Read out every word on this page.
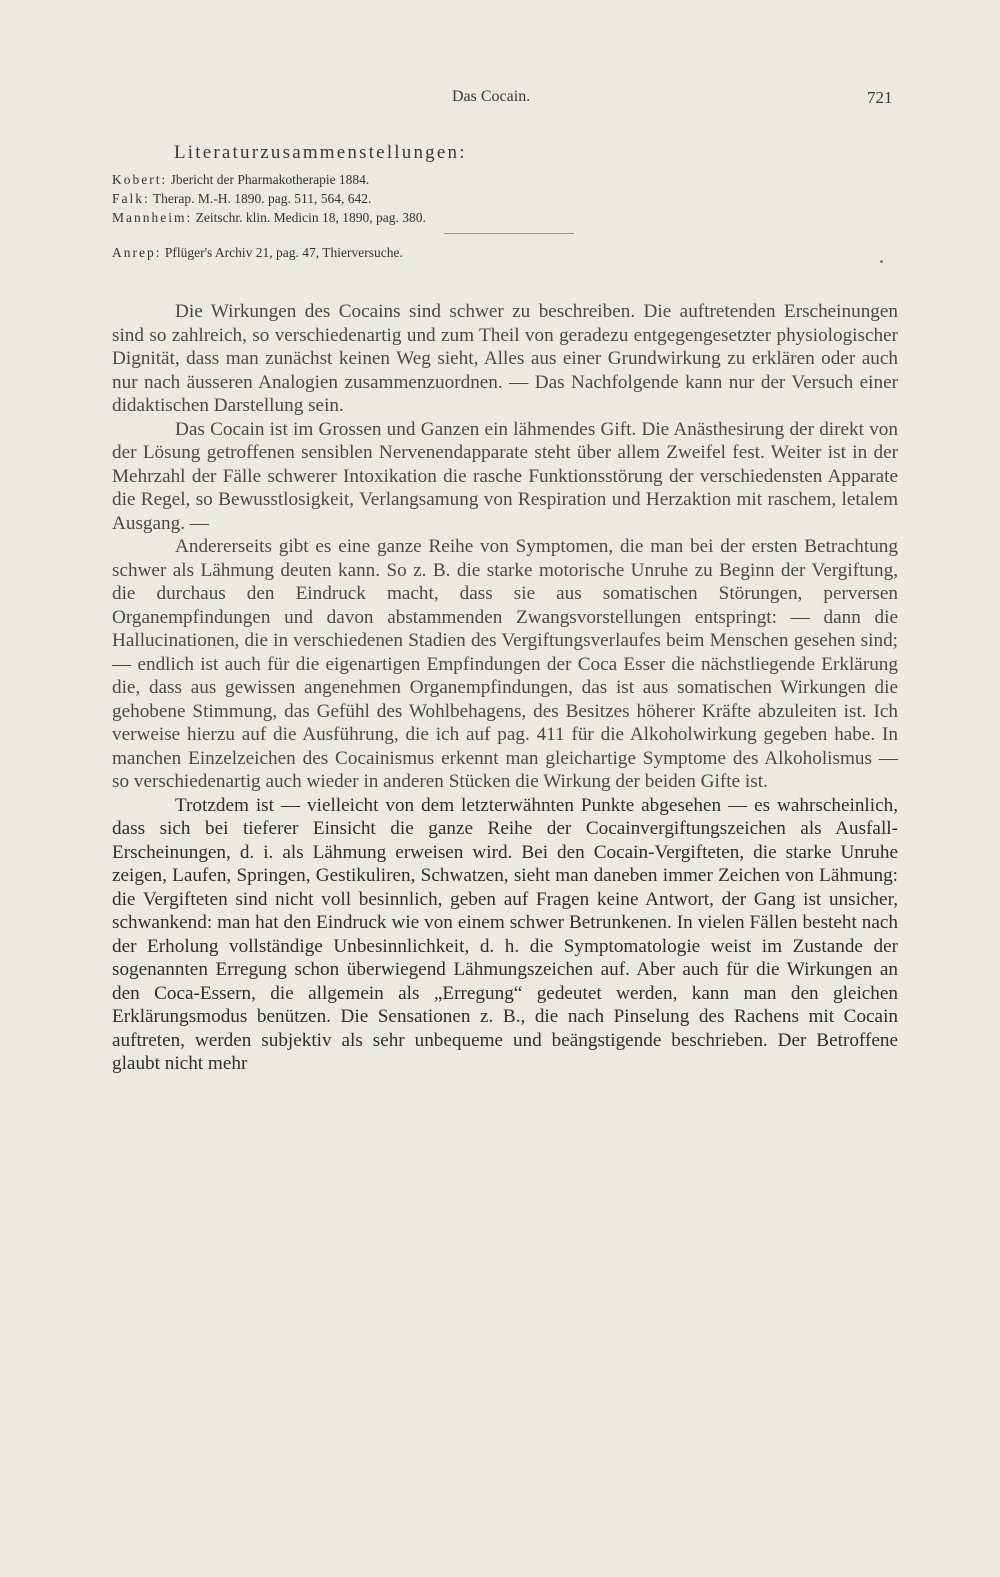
Das Cocain.	721
Literaturzusammenstellungen:
Kobert: Jbericht der Pharmakotherapie 1884.
Falk: Therap. M.-H. 1890. pag. 511, 564, 642.
Mannheim: Zeitschr. klin. Medicin 18, 1890, pag. 380.
Anrep: Pflüger's Archiv 21, pag. 47, Thierversuche.

Die Wirkungen des Cocains sind schwer zu beschreiben. Die auftretenden Erscheinungen sind so zahlreich, so verschiedenartig und zum Theil von geradezu entgegengesetzter physiologischer Dignität, dass man zunächst keinen Weg sieht, Alles aus einer Grundwirkung zu erklären oder auch nur nach äusseren Analogien zusammenzuordnen. — Das Nachfolgende kann nur der Versuch einer didaktischen Darstellung sein.

Das Cocain ist im Grossen und Ganzen ein lähmendes Gift. Die Anästhesirung der direkt von der Lösung getroffenen sensiblen Nervenendapparate steht über allem Zweifel fest. Weiter ist in der Mehrzahl der Fälle schwerer Intoxikation die rasche Funktionsstörung der verschiedensten Apparate die Regel, so Bewusstlosigkeit, Verlangsamung von Respiration und Herzaktion mit raschem, letalem Ausgang. —

Andererseits gibt es eine ganze Reihe von Symptomen, die man bei der ersten Betrachtung schwer als Lähmung deuten kann. So z. B. die starke motorische Unruhe zu Beginn der Vergiftung, die durchaus den Eindruck macht, dass sie aus somatischen Störungen, perversen Organempfindungen und davon abstammenden Zwangsvorstellungen entspringt: — dann die Hallucinationen, die in verschiedenen Stadien des Vergiftungsverlaufes beim Menschen gesehen sind; — endlich ist auch für die eigenartigen Empfindungen der Coca Esser die nächstliegende Erklärung die, dass aus gewissen angenehmen Organempfindungen, das ist aus somatischen Wirkungen die gehobene Stimmung, das Gefühl des Wohlbehagens, des Besitzes höherer Kräfte abzuleiten ist. Ich verweise hierzu auf die Ausführung, die ich auf pag. 411 für die Alkoholwirkung gegeben habe. In manchen Einzelzeichen des Cocainismus erkennt man gleichartige Symptome des Alkoholismus — so verschiedenartig auch wieder in anderen Stücken die Wirkung der beiden Gifte ist.

Trotzdem ist — vielleicht von dem letzterwähnten Punkte abgesehen — es wahrscheinlich, dass sich bei tieferer Einsicht die ganze Reihe der Cocainvergiftungszeichen als Ausfall-Erscheinungen, d. i. als Lähmung erweisen wird. Bei den Cocain-Vergifteten, die starke Unruhe zeigen, Laufen, Springen, Gestikuliren, Schwatzen, sieht man daneben immer Zeichen von Lähmung: die Vergifteten sind nicht voll besinnlich, geben auf Fragen keine Antwort, der Gang ist unsicher, schwankend: man hat den Eindruck wie von einem schwer Betrunkenen. In vielen Fällen besteht nach der Erholung vollständige Unbesinnlichkeit, d. h. die Symptomatologie weist im Zustande der sogenannten Erregung schon überwiegend Lähmungszeichen auf. Aber auch für die Wirkungen an den Coca-Essern, die allgemein als „Erregung“ gedeutet werden, kann man den gleichen Erklärungsmodus benützen. Die Sensationen z. B., die nach Pinselung des Rachens mit Cocain auftreten, werden subjektiv als sehr unbequeme und beängstigende beschrieben. Der Betroffene glaubt nicht mehr
